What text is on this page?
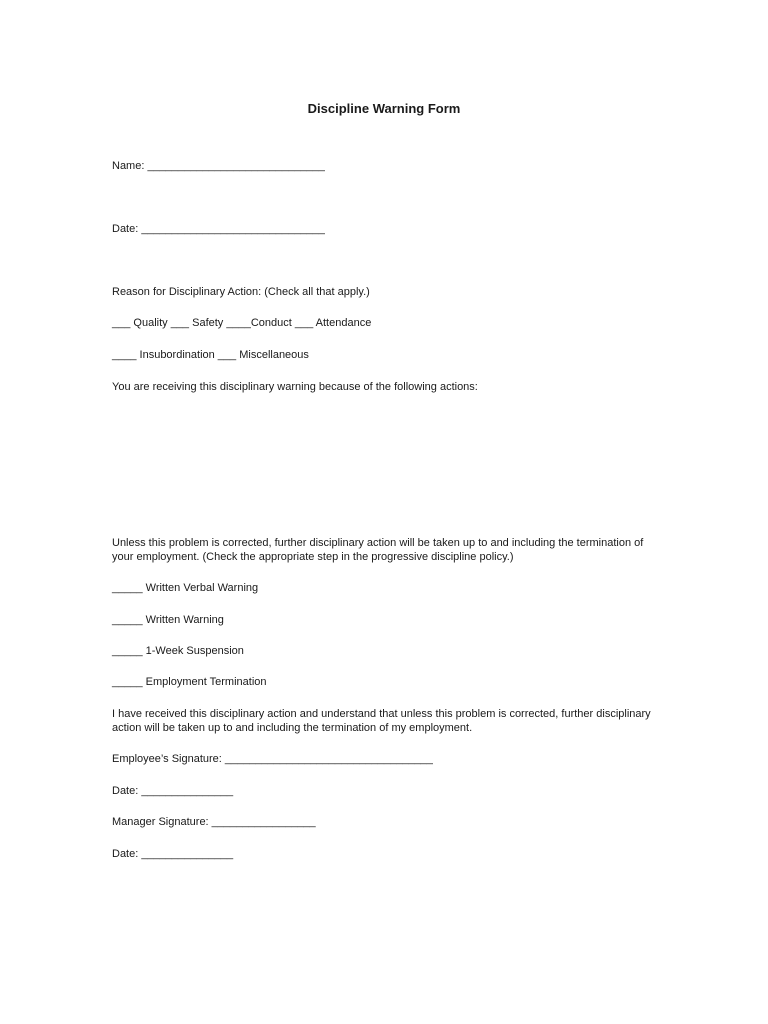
Discipline Warning Form
Name: _____________________________
Date: ______________________________
Reason for Disciplinary Action: (Check all that apply.)
___ Quality ___ Safety ____Conduct ___ Attendance
____ Insubordination ___ Miscellaneous
You are receiving this disciplinary warning because of the following actions:
Unless this problem is corrected, further disciplinary action will be taken up to and including the termination of your employment. (Check the appropriate step in the progressive discipline policy.)
_____ Written Verbal Warning
_____ Written Warning
_____ 1-Week Suspension
_____ Employment Termination
I have received this disciplinary action and understand that unless this problem is corrected, further disciplinary action will be taken up to and including the termination of my employment.
Employee’s Signature: __________________________________
Date: _______________
Manager Signature: _________________
Date: _______________
